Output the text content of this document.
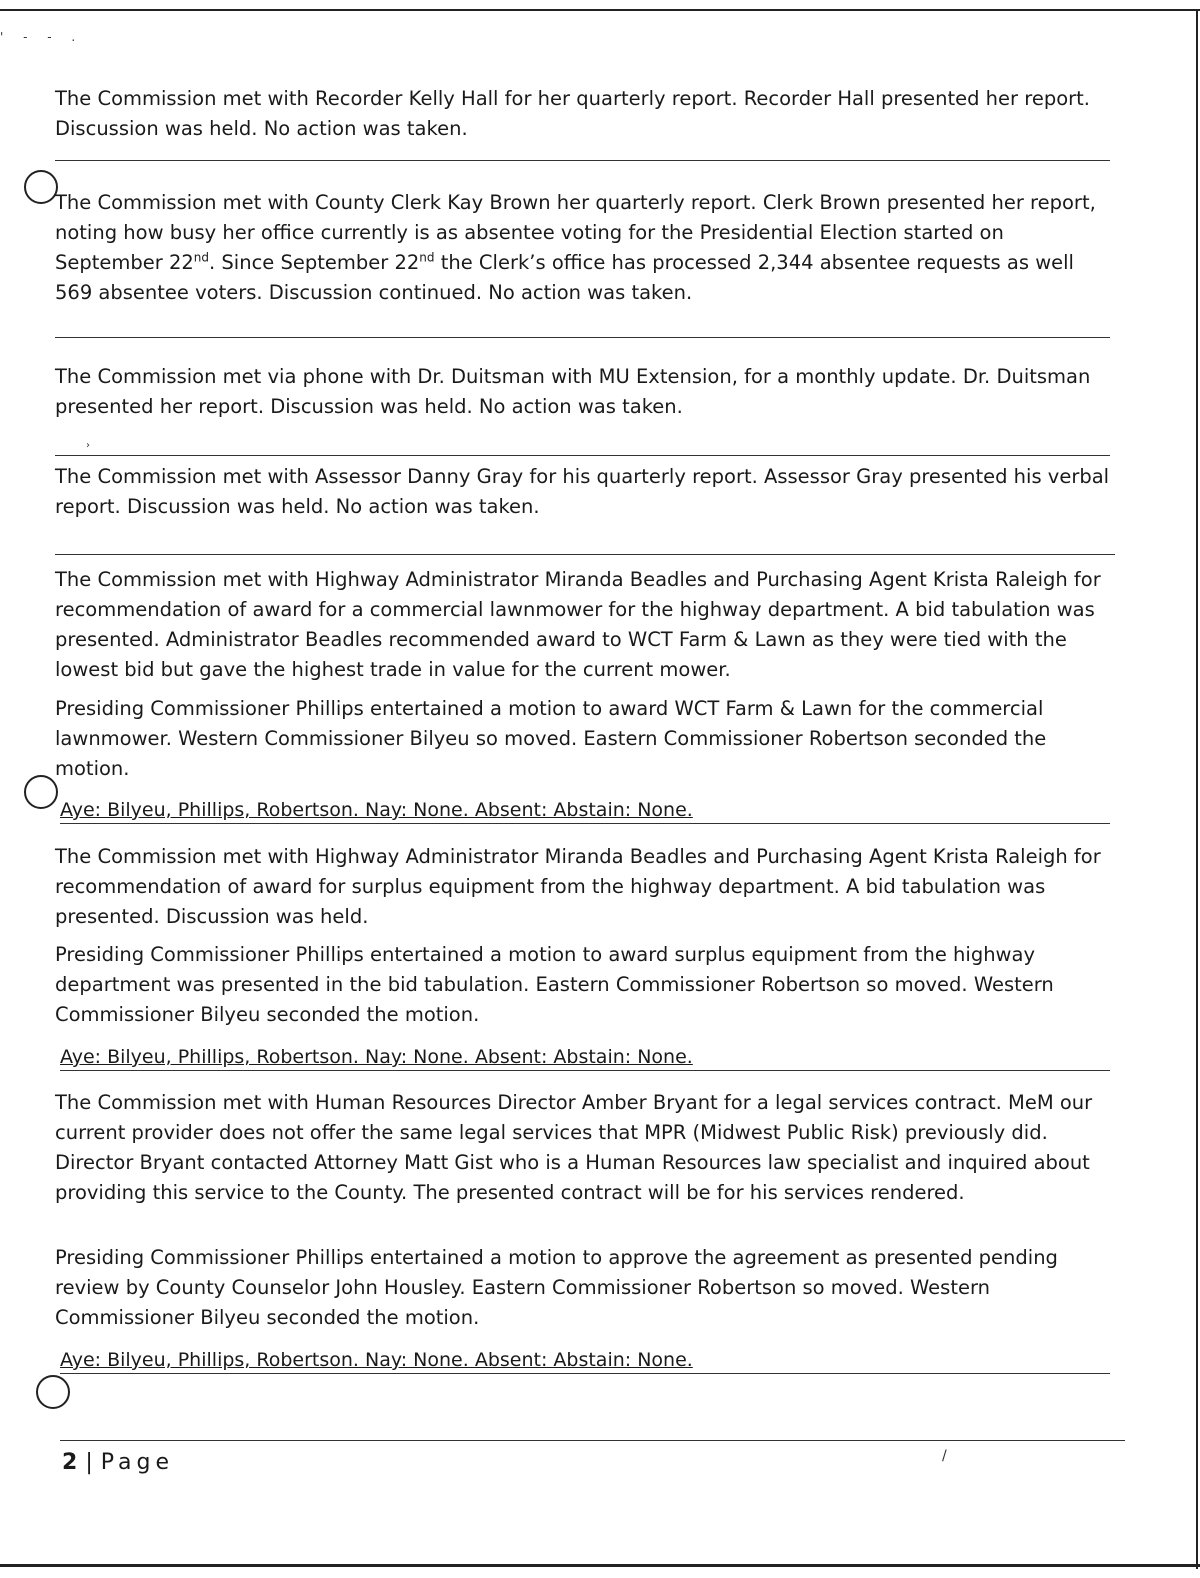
' - - .
›
/

The Commission met with Recorder Kelly Hall for her quarterly report. Recorder Hall presented her report. Discussion was held. No action was taken.

The Commission met with County Clerk Kay Brown her quarterly report. Clerk Brown presented her report, noting how busy her office currently is as absentee voting for the Presidential Election started on September 22nd. Since September 22nd the Clerk’s office has processed 2,344 absentee requests as well 569 absentee voters. Discussion continued. No action was taken.

The Commission met via phone with Dr. Duitsman with MU Extension, for a monthly update. Dr. Duitsman presented her report. Discussion was held. No action was taken.

The Commission met with Assessor Danny Gray for his quarterly report. Assessor Gray presented his verbal report. Discussion was held. No action was taken.

The Commission met with Highway Administrator Miranda Beadles and Purchasing Agent Krista Raleigh for recommendation of award for a commercial lawnmower for the highway department. A bid tabulation was presented. Administrator Beadles recommended award to WCT Farm & Lawn as they were tied with the lowest bid but gave the highest trade in value for the current mower.

Presiding Commissioner Phillips entertained a motion to award WCT Farm & Lawn for the commercial lawnmower. Western Commissioner Bilyeu so moved. Eastern Commissioner Robertson seconded the motion.

Aye: Bilyeu, Phillips, Robertson. Nay: None. Absent: Abstain: None.

The Commission met with Highway Administrator Miranda Beadles and Purchasing Agent Krista Raleigh for recommendation of award for surplus equipment from the highway department. A bid tabulation was presented. Discussion was held.

Presiding Commissioner Phillips entertained a motion to award surplus equipment from the highway department was presented in the bid tabulation. Eastern Commissioner Robertson so moved. Western Commissioner Bilyeu seconded the motion.

Aye: Bilyeu, Phillips, Robertson. Nay: None. Absent: Abstain: None.

The Commission met with Human Resources Director Amber Bryant for a legal services contract. MeM our current provider does not offer the same legal services that MPR (Midwest Public Risk) previously did. Director Bryant contacted Attorney Matt Gist who is a Human Resources law specialist and inquired about providing this service to the County. The presented contract will be for his services rendered.

Presiding Commissioner Phillips entertained a motion to approve the agreement as presented pending review by County Counselor John Housley. Eastern Commissioner Robertson so moved. Western Commissioner Bilyeu seconded the motion.

Aye: Bilyeu, Phillips, Robertson. Nay: None. Absent: Abstain: None.
2 | Page
